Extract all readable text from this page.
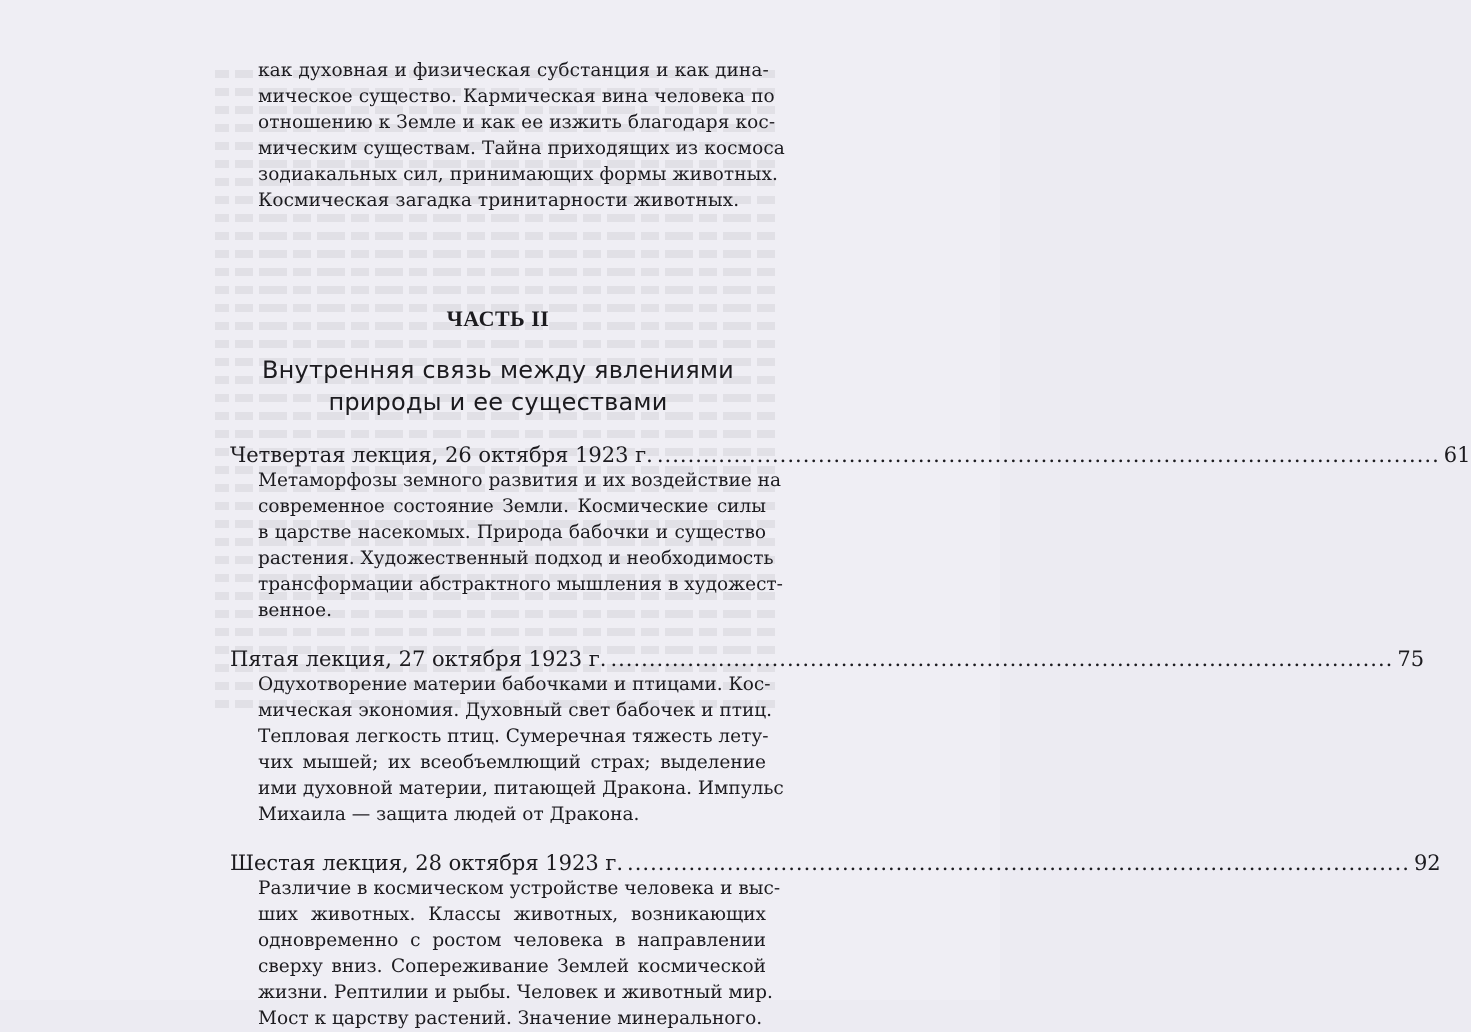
как духовная и физическая субстанция и как дина-
мическое существо. Кармическая вина человека по
отношению к Земле и как ее изжить благодаря кос-
мическим существам. Тайна приходящих из космоса
зодиакальных сил, принимающих формы животных.
Космическая загадка тринитарности животных.
ЧАСТЬ II
Внутренняя связь между явлениями
природы и ее существами
Четвертая лекция, 26 октября 1923 г. .....	61
Метаморфозы земного развития и их воздействие на
современное состояние Земли. Космические силы
в царстве насекомых. Природа бабочки и существо
растения. Художественный подход и необходимость
трансформации абстрактного мышления в художест-
венное.
Пятая лекция, 27 октября 1923 г. .....	75
Одухотворение материи бабочками и птицами. Кос-
мическая экономия. Духовный свет бабочек и птиц.
Тепловая легкость птиц. Сумеречная тяжесть лету-
чих мышей; их всеобъемлющий страх; выделение
ими духовной материи, питающей Дракона. Импульс
Михаила — защита людей от Дракона.
Шестая лекция, 28 октября 1923 г. .....	92
Различие в космическом устройстве человека и выс-
ших животных. Классы животных, возникающих
одновременно с ростом человека в направлении
сверху вниз. Сопереживание Землей космической
жизни. Рептилии и рыбы. Человек и животный мир.
Мост к царству растений. Значение минерального.
